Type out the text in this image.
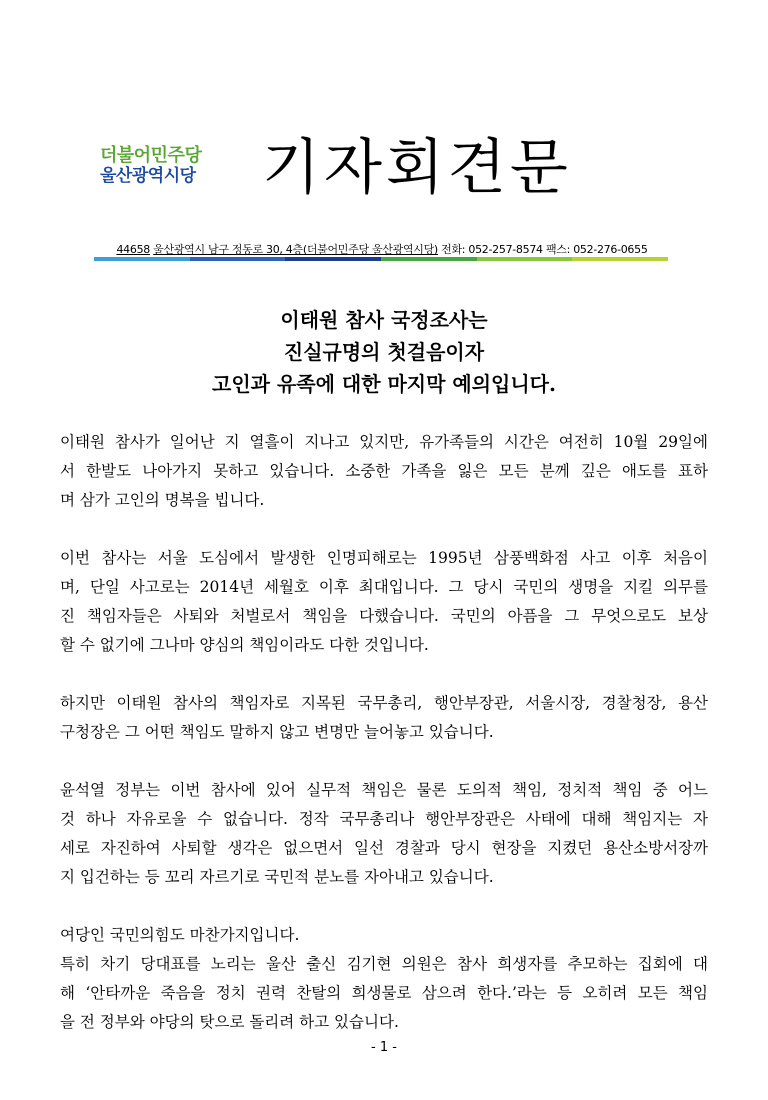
더불어민주당
울산광역시당	기자회견문
44658 울산광역시 남구 정동로 30, 4층(더불어민주당 울산광역시당) 전화: 052-257-8574 팩스: 052-276-0655
이태원 참사 국정조사는
진실규명의 첫걸음이자
고인과 유족에 대한 마지막 예의입니다.
이태원 참사가 일어난 지 열흘이 지나고 있지만, 유가족들의 시간은 여전히 10월 29일에
서 한발도 나아가지 못하고 있습니다. 소중한 가족을 잃은 모든 분께 깊은 애도를 표하
며 삼가 고인의 명복을 빕니다.
이번 참사는 서울 도심에서 발생한 인명피해로는 1995년 삼풍백화점 사고 이후 처음이
며, 단일 사고로는 2014년 세월호 이후 최대입니다. 그 당시 국민의 생명을 지킬 의무를
진 책임자들은 사퇴와 처벌로서 책임을 다했습니다. 국민의 아픔을 그 무엇으로도 보상
할 수 없기에 그나마 양심의 책임이라도 다한 것입니다.
하지만 이태원 참사의 책임자로 지목된 국무총리, 행안부장관, 서울시장, 경찰청장, 용산
구청장은 그 어떤 책임도 말하지 않고 변명만 늘어놓고 있습니다.
윤석열 정부는 이번 참사에 있어 실무적 책임은 물론 도의적 책임, 정치적 책임 중 어느
것 하나 자유로울 수 없습니다. 정작 국무총리나 행안부장관은 사태에 대해 책임지는 자
세로 자진하여 사퇴할 생각은 없으면서 일선 경찰과 당시 현장을 지켰던 용산소방서장까
지 입건하는 등 꼬리 자르기로 국민적 분노를 자아내고 있습니다.
여당인 국민의힘도 마찬가지입니다.
특히 차기 당대표를 노리는 울산 출신 김기현 의원은 참사 희생자를 추모하는 집회에 대
해 ‘안타까운 죽음을 정치 권력 찬탈의 희생물로 삼으려 한다.’라는 등 오히려 모든 책임
을 전 정부와 야당의 탓으로 돌리려 하고 있습니다.
- 1 -
